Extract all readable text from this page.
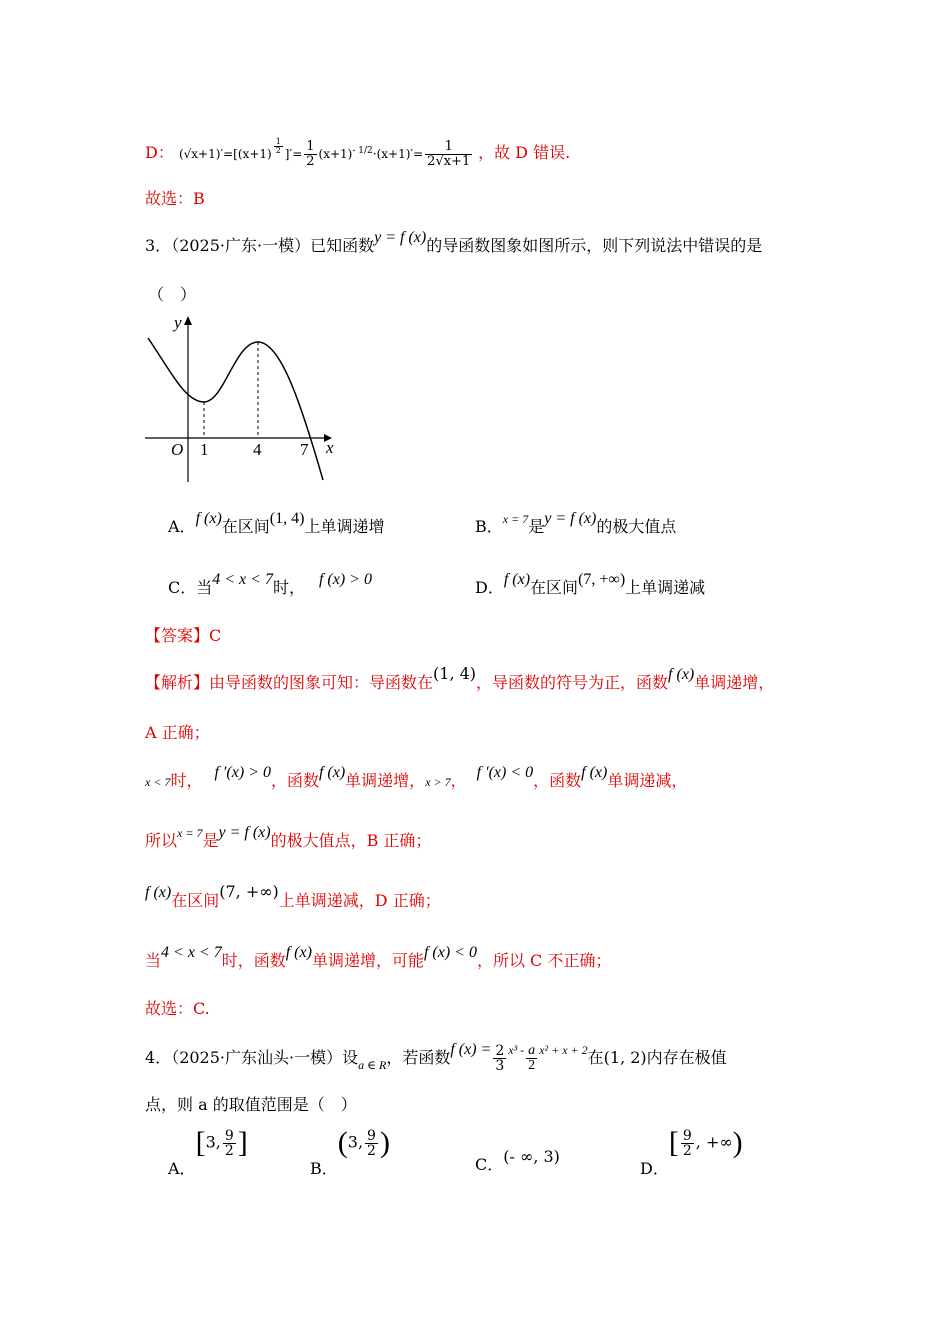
D： $(√x+1)'=[(x+1) \frac{1}{2}$ ]′= $\frac{1}{2} (x+1)^{- 1/2}\cdot(x+1)'= \frac{1}{2√x+1}$ ，故 D 错误.
故选：B
3．（2025·广东·一模）已知函数y = f (x)的导函数图象如图所示，则下列说法中错误的是
（　）
y
x
O 1	4 7
A．f (x)在区间(1, 4)上单调递增	B．$^{x = 7}$是y = f (x)的极大值点
C．当4 < x < 7时， f (x) > 0	D．f (x)在区间(7, +∞)上单调递减
【答案】C
【解析】由导函数的图象可知：导函数在(1, 4)，导函数的符号为正，函数f (x)单调递增，
A 正确；
x < 7时， f ′(x) > 0，函数f (x)单调递增，x > 7， f ′(x) < 0，函数f (x)单调递减，
所以$^{x = 7}$是y = f (x)的极大值点，B 正确；
f (x)在区间(7, +∞)上单调递减，D 正确；
当4 < x < 7时，函数f (x)单调递增，可能f (x) < 0，所以 C 不正确；
故选：C.
4．（2025·广东汕头·一模）设$_{a \in R}$，若函数f $(x) = \frac{2}{3} ^{x^3 -} \frac{a}{2} ^{x^2 + x + 2}$在(1, 2)内存在极值
点，则 a 的取值范围是（　）
A．[3, $\frac{9}{2}$ ]
B．(3, $\frac{9}{2}$ )
C．(- ∞, 3)
D．[ $\frac{9}{2}$ , +∞)
